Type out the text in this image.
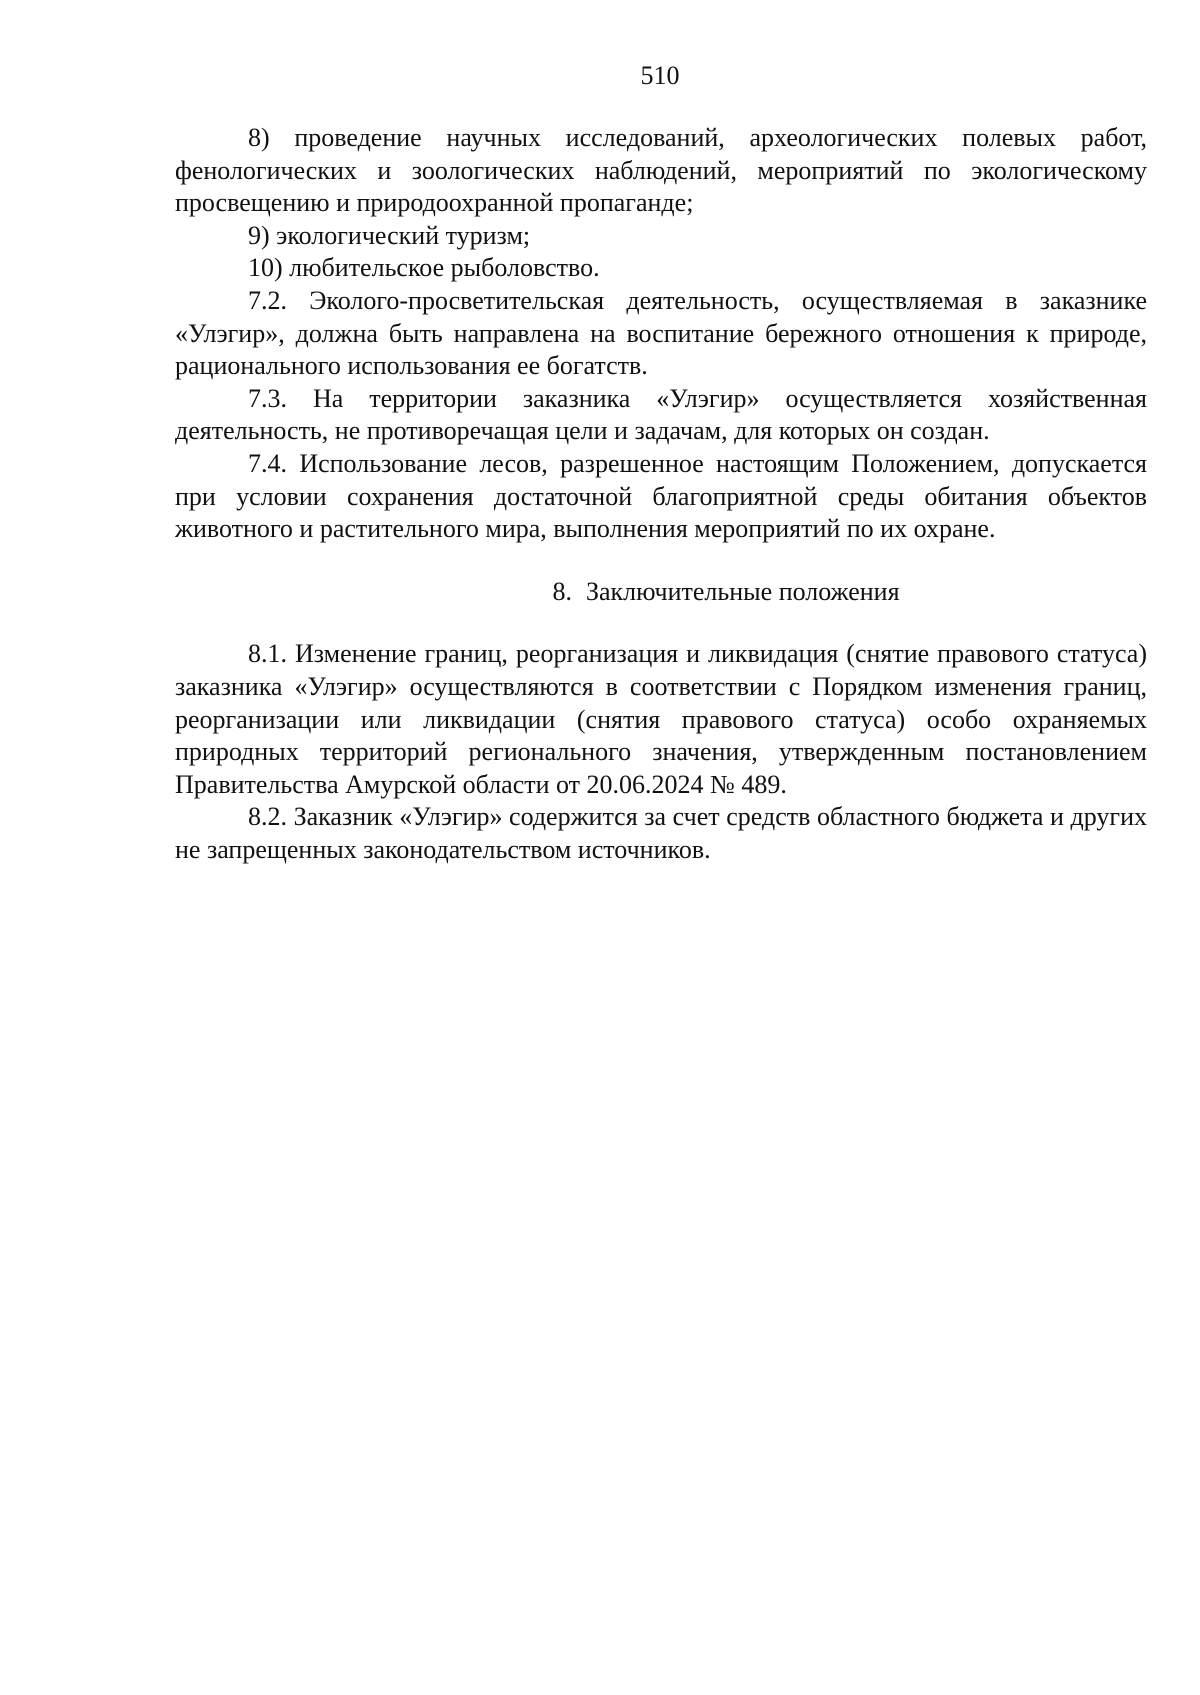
510

8) проведение научных исследований, археологических полевых работ, фенологических и зоологических наблюдений, мероприятий по экологическому просвещению и природоохранной пропаганде;

9) экологический туризм;

10) любительское рыболовство.

7.2. Эколого-просветительская деятельность, осуществляемая в заказнике «Улэгир», должна быть направлена на воспитание бережного отношения к природе, рационального использования ее богатств.

7.3. На территории заказника «Улэгир» осуществляется хозяйственная деятельность, не противоречащая цели и задачам, для которых он создан.

7.4. Использование лесов, разрешенное настоящим Положением, допускается при условии сохранения достаточной благоприятной среды обитания объектов животного и растительного мира, выполнения мероприятий по их охране.

8. Заключительные положения

8.1. Изменение границ, реорганизация и ликвидация (снятие правового статуса) заказника «Улэгир» осуществляются в соответствии с Порядком изменения границ, реорганизации или ликвидации (снятия правового статуса) особо охраняемых природных территорий регионального значения, утвержденным постановлением Правительства Амурской области от 20.06.2024 № 489.

8.2. Заказник «Улэгир» содержится за счет средств областного бюджета и других не запрещенных законодательством источников.
